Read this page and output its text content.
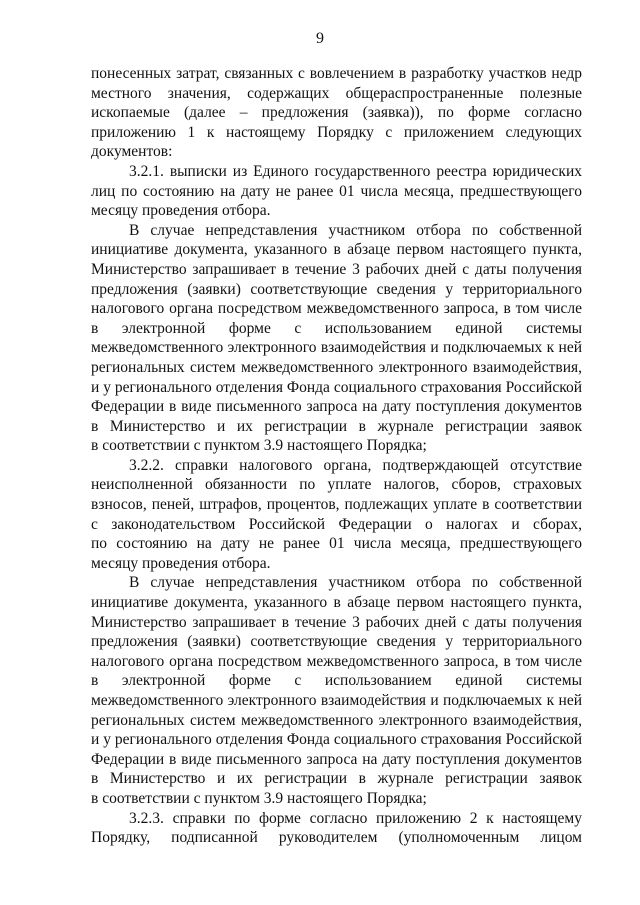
9
понесенных затрат, связанных с вовлечением в разработку участков недр
местного значения, содержащих общераспространенные полезные
ископаемые (далее – предложения (заявка)), по форме согласно
приложению 1 к настоящему Порядку с приложением следующих
документов:
3.2.1. выписки из Единого государственного реестра юридических
лиц по состоянию на дату не ранее 01 числа месяца, предшествующего
месяцу проведения отбора.
В случае непредставления участником отбора по собственной
инициативе документа, указанного в абзаце первом настоящего пункта,
Министерство запрашивает в течение 3 рабочих дней с даты получения
предложения (заявки) соответствующие сведения у территориального
налогового органа посредством межведомственного запроса, в том числе
в электронной форме с использованием единой системы
межведомственного электронного взаимодействия и подключаемых к ней
региональных систем межведомственного электронного взаимодействия,
и у регионального отделения Фонда социального страхования Российской
Федерации в виде письменного запроса на дату поступления документов
в Министерство и их регистрации в журнале регистрации заявок
в соответствии с пунктом 3.9 настоящего Порядка;
3.2.2. справки налогового органа, подтверждающей отсутствие
неисполненной обязанности по уплате налогов, сборов, страховых
взносов, пеней, штрафов, процентов, подлежащих уплате в соответствии
с законодательством Российской Федерации о налогах и сборах,
по состоянию на дату не ранее 01 числа месяца, предшествующего
месяцу проведения отбора.
В случае непредставления участником отбора по собственной
инициативе документа, указанного в абзаце первом настоящего пункта,
Министерство запрашивает в течение 3 рабочих дней с даты получения
предложения (заявки) соответствующие сведения у территориального
налогового органа посредством межведомственного запроса, в том числе
в электронной форме с использованием единой системы
межведомственного электронного взаимодействия и подключаемых к ней
региональных систем межведомственного электронного взаимодействия,
и у регионального отделения Фонда социального страхования Российской
Федерации в виде письменного запроса на дату поступления документов
в Министерство и их регистрации в журнале регистрации заявок
в соответствии с пунктом 3.9 настоящего Порядка;
3.2.3. справки по форме согласно приложению 2 к настоящему
Порядку, подписанной руководителем (уполномоченным лицом
